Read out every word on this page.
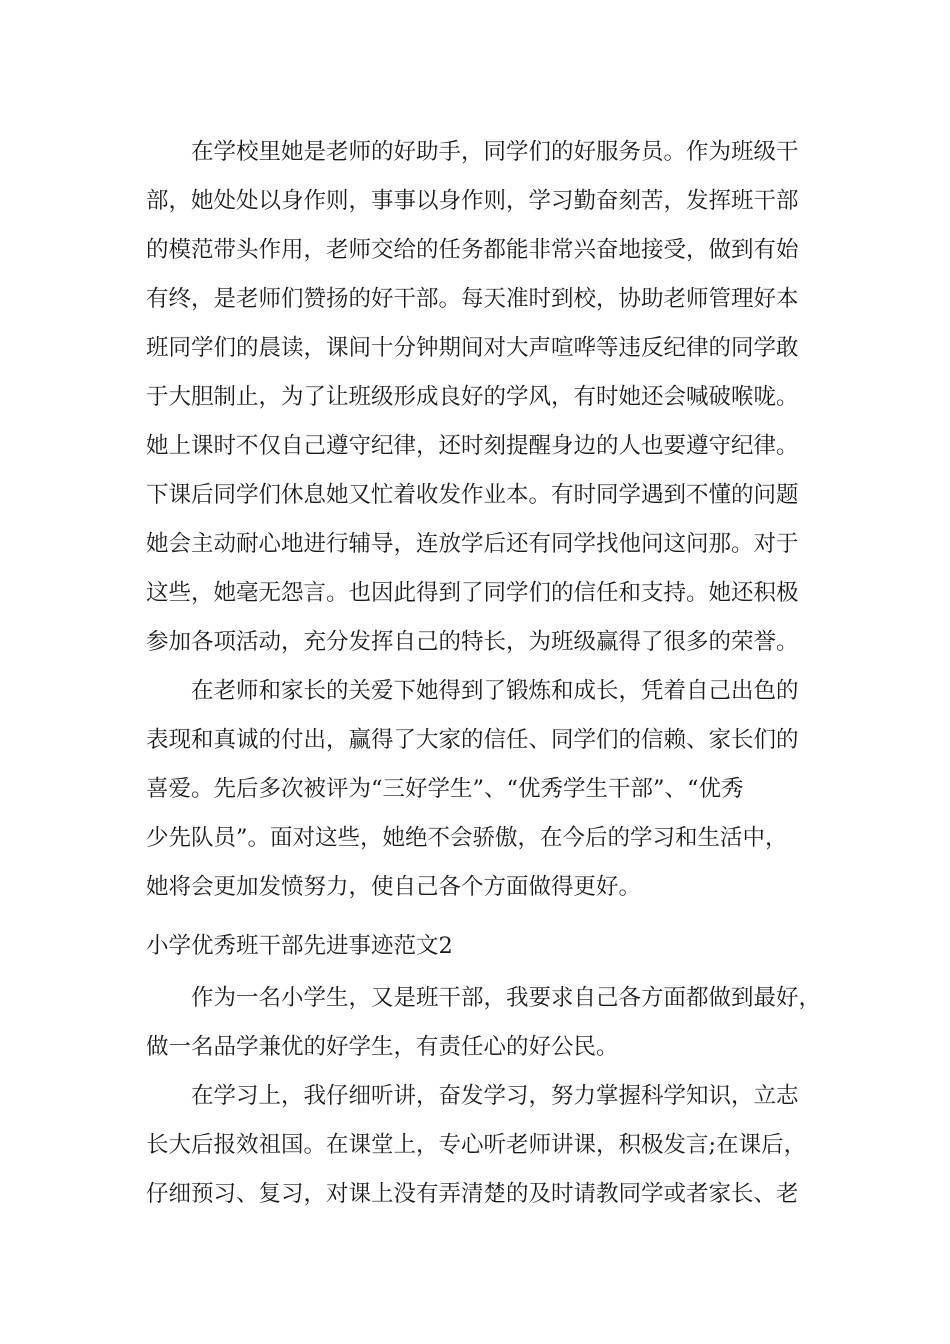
在学校里她是老师的好助手，同学们的好服务员。作为班级干
部，她处处以身作则，事事以身作则，学习勤奋刻苦，发挥班干部
的模范带头作用，老师交给的任务都能非常兴奋地接受，做到有始
有终，是老师们赞扬的好干部。每天准时到校，协助老师管理好本
班同学们的晨读，课间十分钟期间对大声喧哗等违反纪律的同学敢
于大胆制止，为了让班级形成良好的学风，有时她还会喊破喉咙。
她上课时不仅自己遵守纪律，还时刻提醒身边的人也要遵守纪律。
下课后同学们休息她又忙着收发作业本。有时同学遇到不懂的问题
她会主动耐心地进行辅导，连放学后还有同学找他问这问那。对于
这些，她毫无怨言。也因此得到了同学们的信任和支持。她还积极
参加各项活动，充分发挥自己的特长，为班级赢得了很多的荣誉。
在老师和家长的关爱下她得到了锻炼和成长，凭着自己出色的
表现和真诚的付出，赢得了大家的信任、同学们的信赖、家长们的
喜爱。先后多次被评为“三好学生”、“优秀学生干部”、“优秀
少先队员”。面对这些，她绝不会骄傲，在今后的学习和生活中，
她将会更加发愤努力，使自己各个方面做得更好。
小学优秀班干部先进事迹范文2
作为一名小学生，又是班干部，我要求自己各方面都做到最好，
做一名品学兼优的好学生，有责任心的好公民。
在学习上，我仔细听讲，奋发学习，努力掌握科学知识，立志
长大后报效祖国。在课堂上，专心听老师讲课，积极发言;在课后，
仔细预习、复习，对课上没有弄清楚的及时请教同学或者家长、老
